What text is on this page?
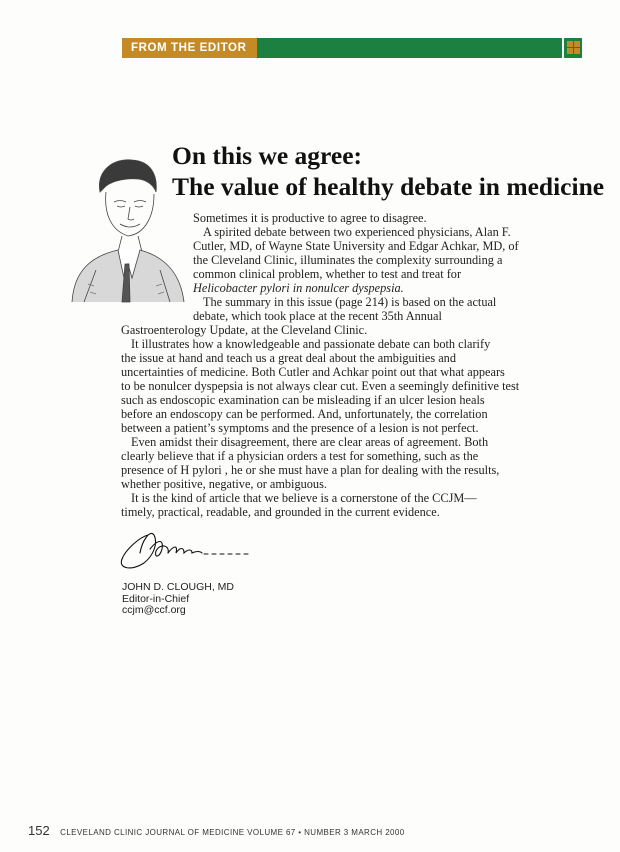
FROM THE EDITOR
On this we agree:
The value of healthy debate in medicine
Sometimes it is productive to agree to disagree.
A spirited debate between two experienced physicians, Alan F.
Cutler, MD, of Wayne State University and Edgar Achkar, MD, of
the Cleveland Clinic, illuminates the complexity surrounding a
common clinical problem, whether to test and treat for
Helicobacter pylori in nonulcer dyspepsia.
The summary in this issue (page 214) is based on the actual
debate, which took place at the recent 35th Annual
Gastroenterology Update, at the Cleveland Clinic.
It illustrates how a knowledgeable and passionate debate can both clarify
the issue at hand and teach us a great deal about the ambiguities and
uncertainties of medicine. Both Cutler and Achkar point out that what appears
to be nonulcer dyspepsia is not always clear cut. Even a seemingly definitive test
such as endoscopic examination can be misleading if an ulcer lesion heals
before an endoscopy can be performed. And, unfortunately, the correlation
between a patient’s symptoms and the presence of a lesion is not perfect.
Even amidst their disagreement, there are clear areas of agreement. Both
clearly believe that if a physician orders a test for something, such as the
presence of H pylori , he or she must have a plan for dealing with the results,
whether positive, negative, or ambiguous.
It is the kind of article that we believe is a cornerstone of the CCJM—
timely, practical, readable, and grounded in the current evidence.
JOHN D. CLOUGH, MD
Editor-in-Chief
ccjm@ccf.org
152 CLEVELAND CLINIC JOURNAL OF MEDICINE VOLUME 67 • NUMBER 3 MARCH 2000
